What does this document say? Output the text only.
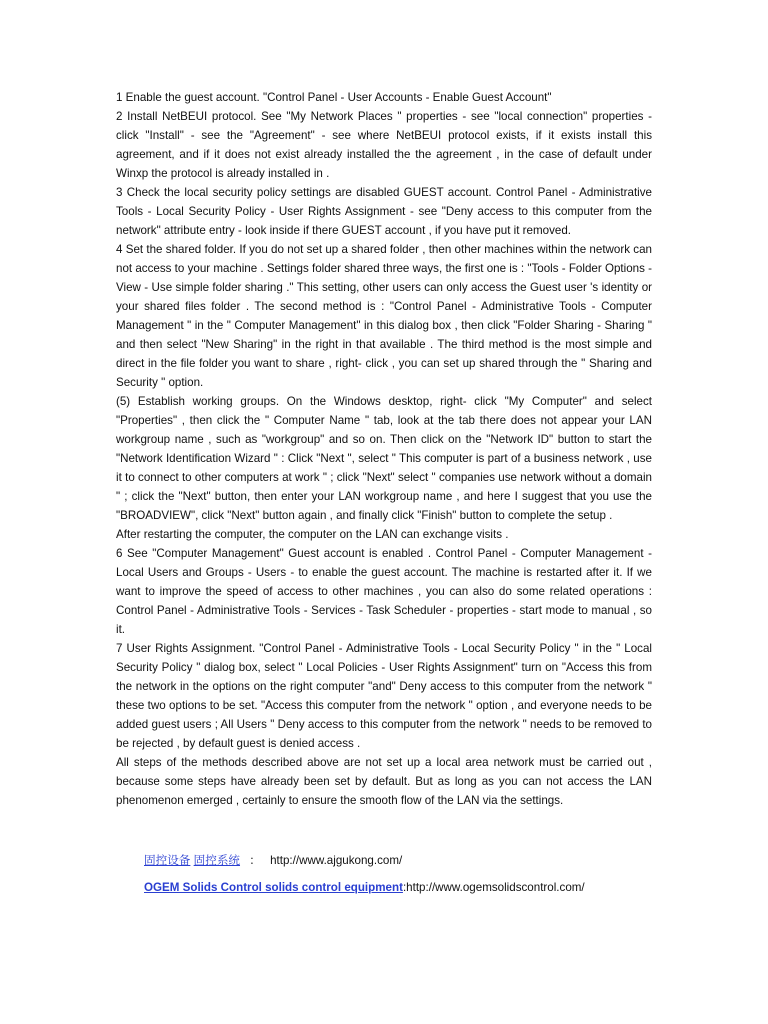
1 Enable the guest account. "Control Panel - User Accounts - Enable Guest Account"

2 Install NetBEUI protocol. See "My Network Places " properties - see "local connection" properties - click "Install" - see the "Agreement" - see where NetBEUI protocol exists, if it exists install this agreement, and if it does not exist already installed the the agreement , in the case of default under Winxp the protocol is already installed in .

3 Check the local security policy settings are disabled GUEST account. Control Panel - Administrative Tools - Local Security Policy - User Rights Assignment - see "Deny access to this computer from the network" attribute entry - look inside if there GUEST account , if you have put it removed.

4 Set the shared folder. If you do not set up a shared folder , then other machines within the network can not access to your machine . Settings folder shared three ways, the first one is : "Tools - Folder Options - View - Use simple folder sharing ." This setting, other users can only access the Guest user 's identity or your shared files folder . The second method is : "Control Panel - Administrative Tools - Computer Management " in the " Computer Management" in this dialog box , then click "Folder Sharing - Sharing " and then select "New Sharing" in the right in that available . The third method is the most simple and direct in the file folder you want to share , right- click , you can set up shared through the " Sharing and Security " option.

(5) Establish working groups. On the Windows desktop, right- click "My Computer" and select "Properties" , then click the " Computer Name " tab, look at the tab there does not appear your LAN workgroup name , such as "workgroup" and so on. Then click on the "Network ID" button to start the "Network Identification Wizard " : Click "Next ", select " This computer is part of a business network , use it to connect to other computers at work " ; click "Next" select " companies use network without a domain " ; click the "Next" button, then enter your LAN workgroup name , and here I suggest that you use the "BROADVIEW", click "Next" button again , and finally click "Finish" button to complete the setup .

After restarting the computer, the computer on the LAN can exchange visits .

6 See "Computer Management" Guest account is enabled . Control Panel - Computer Management - Local Users and Groups - Users - to enable the guest account. The machine is restarted after it. If we want to improve the speed of access to other machines , you can also do some related operations : Control Panel - Administrative Tools - Services - Task Scheduler - properties - start mode to manual , so it.

7 User Rights Assignment. "Control Panel - Administrative Tools - Local Security Policy " in the " Local Security Policy " dialog box, select " Local Policies - User Rights Assignment" turn on "Access this from the network in the options on the right computer "and" Deny access to this computer from the network " these two options to be set. "Access this computer from the network " option , and everyone needs to be added guest users ; All Users " Deny access to this computer from the network " needs to be removed to be rejected , by default guest is denied access .

All steps of the methods described above are not set up a local area network must be carried out , because some steps have already been set by default. But as long as you can not access the LAN phenomenon emerged , certainly to ensure the smooth flow of the LAN via the settings.

固控设备 固控系统 ： http://www.ajgukong.com/
OGEM Solids Control solids control equipment:http://www.ogemsolidscontrol.com/
